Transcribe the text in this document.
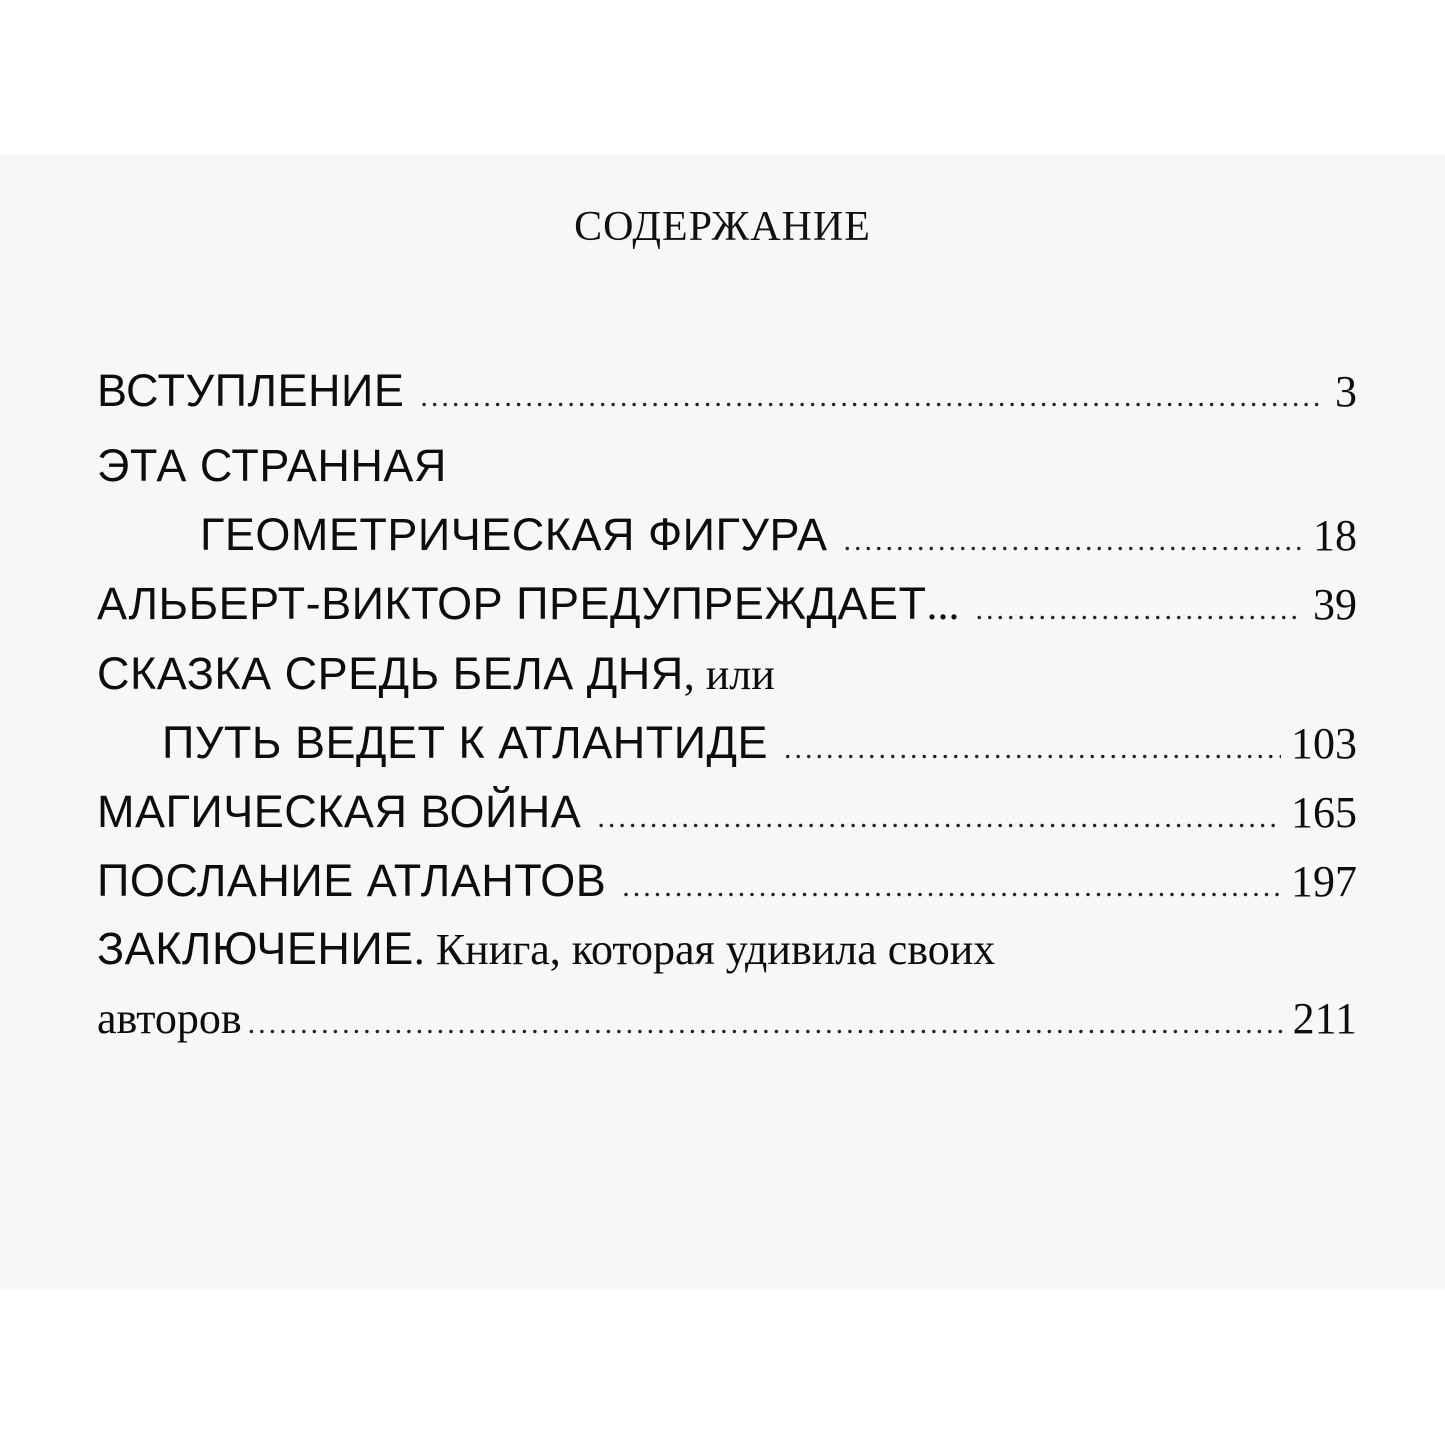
СОДЕРЖАНИЕ
ВСТУПЛЕНИЕ .....	3
ЭТА СТРАННАЯ
ГЕОМЕТРИЧЕСКАЯ ФИГУРА .....	18
АЛЬБЕРТ-ВИКТОР ПРЕДУПРЕЖДАЕТ ... .....	39
СКАЗКА СРЕДЬ БЕЛА ДНЯ , или
ПУТЬ ВЕДЕТ К АТЛАНТИДЕ .....	103
МАГИЧЕСКАЯ ВОЙНА .....	165
ПОСЛАНИЕ АТЛАНТОВ .....	197
ЗАКЛЮЧЕНИЕ . Книга, которая удивила своих
авторов .....	211
